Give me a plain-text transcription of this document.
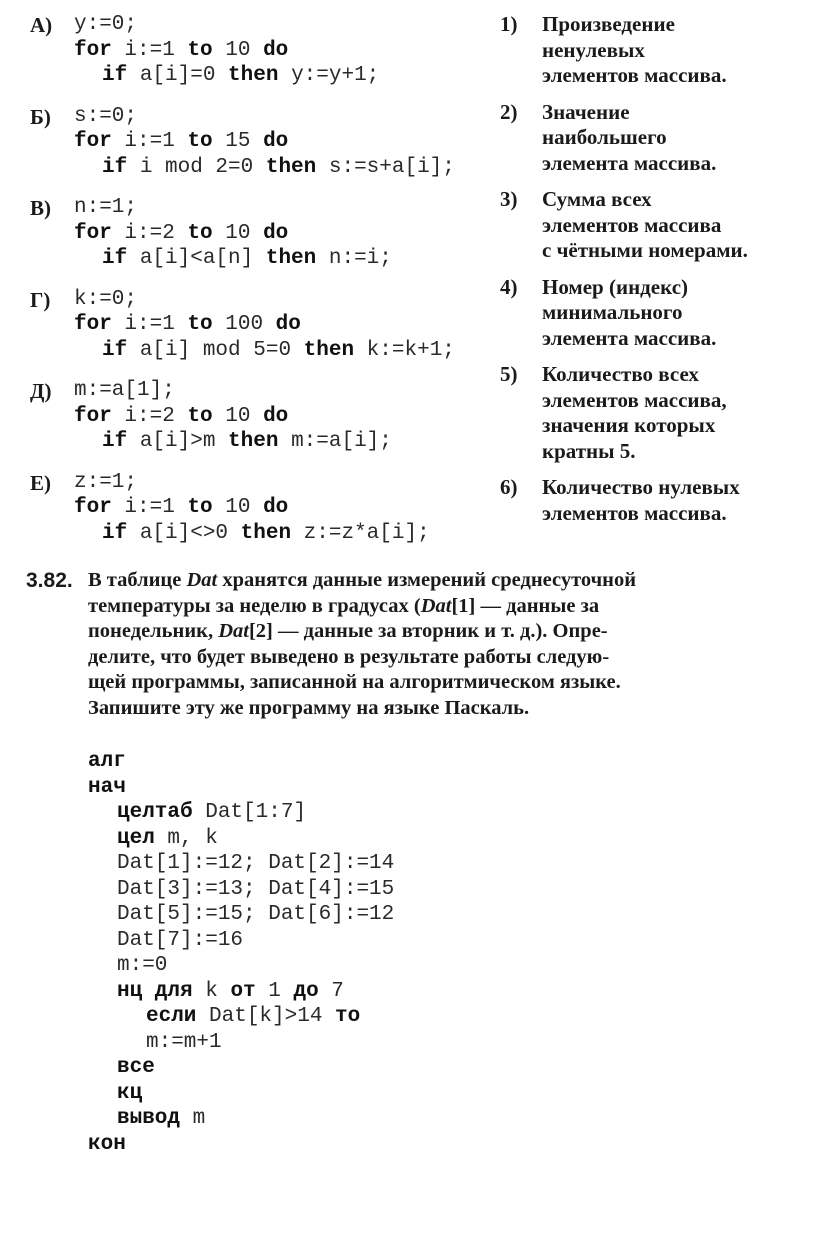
А)	y:=0;
for i:=1 to 10 do
if a[i]=0 then y:=y+1;
Б)	s:=0;
for i:=1 to 15 do
if i mod 2=0 then s:=s+a[i];
В)	n:=1;
for i:=2 to 10 do
if a[i]<a[n] then n:=i;
Г)	k:=0;
for i:=1 to 100 do
if a[i] mod 5=0 then k:=k+1;
Д)	m:=a[1];
for i:=2 to 10 do
if a[i]>m then m:=a[i];
Е)	z:=1;
for i:=1 to 10 do
if a[i]<>0 then z:=z*a[i];
1) Произведение
ненулевых
элементов массива.
2) Значение
наибольшего
элемента массива.
3) Сумма всех
элементов массива
с чётными номерами.
4) Номер (индекс)
минимального
элемента массива.
5) Количество всех
элементов массива,
значения которых
кратны 5.
6) Количество нулевых
элементов массива.
3.82. В таблице Dat хранятся данные измерений среднесуточной
температуры за неделю в градусах (Dat[1] — данные за
понедельник, Dat[2] — данные за вторник и т. д.). Опре-
делите, что будет выведено в результате работы следую-
щей программы, записанной на алгоритмическом языке.
Запишите эту же программу на языке Паскаль.
алг
нач
целтаб Dat[1:7]
цел m, k
Dat[1]:=12; Dat[2]:=14
Dat[3]:=13; Dat[4]:=15
Dat[5]:=15; Dat[6]:=12
Dat[7]:=16
m:=0
нц для k от 1 до 7
если Dat[k]>14 то
m:=m+1
все
кц
вывод m
кон
